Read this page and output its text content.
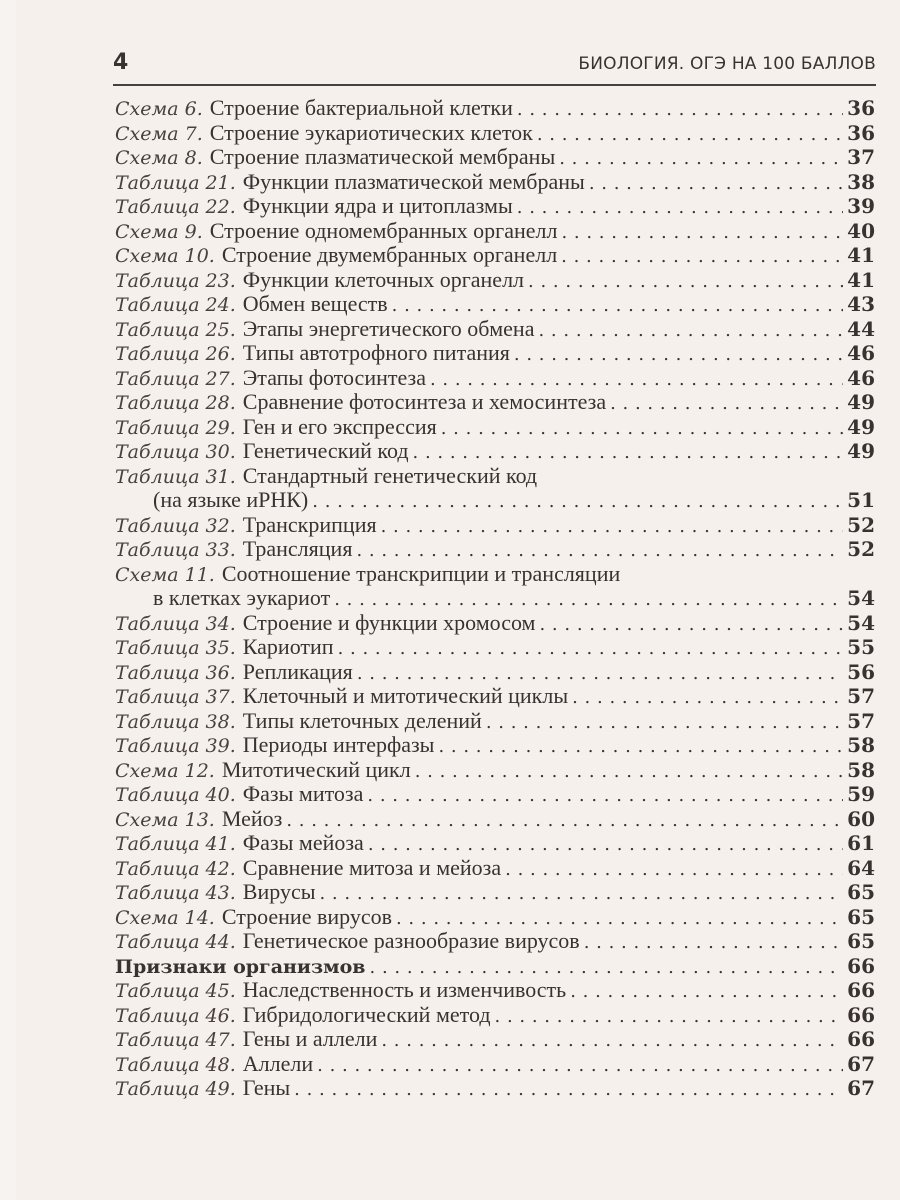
4	БИОЛОГИЯ. ОГЭ НА 100 БАЛЛОВ
Схема 6. Строение бактериальной клетки . . .	36
Схема 7. Строение эукариотических клеток . . .	36
Схема 8. Строение плазматической мембраны . . .	37
Таблица 21. Функции плазматической мембраны . . .	38
Таблица 22. Функции ядра и цитоплазмы . . .	39
Схема 9. Строение одномембранных органелл . . .	40
Схема 10. Строение двумембранных органелл . . .	41
Таблица 23. Функции клеточных органелл . . .	41
Таблица 24. Обмен веществ . . .	43
Таблица 25. Этапы энергетического обмена . . .	44
Таблица 26. Типы автотрофного питания . . .	46
Таблица 27. Этапы фотосинтеза . . .	46
Таблица 28. Сравнение фотосинтеза и хемосинтеза . . .	49
Таблица 29. Ген и его экспрессия . . .	49
Таблица 30. Генетический код . . .	49
Таблица 31. Стандартный генетический код
(на языке иРНК) . . .	51
Таблица 32. Транскрипция . . .	52
Таблица 33. Трансляция . . .	52
Схема 11. Соотношение транскрипции и трансляции
в клетках эукариот . . .	54
Таблица 34. Строение и функции хромосом . . .	54
Таблица 35. Кариотип . . .	55
Таблица 36. Репликация . . .	56
Таблица 37. Клеточный и митотический циклы . . .	57
Таблица 38. Типы клеточных делений . . .	57
Таблица 39. Периоды интерфазы . . .	58
Схема 12. Митотический цикл . . .	58
Таблица 40. Фазы митоза . . .	59
Схема 13. Мейоз . . .	60
Таблица 41. Фазы мейоза . . .	61
Таблица 42. Сравнение митоза и мейоза . . .	64
Таблица 43. Вирусы . . .	65
Схема 14. Строение вирусов . . .	65
Таблица 44. Генетическое разнообразие вирусов . . .	65
Признаки организмов . . .	66
Таблица 45. Наследственность и изменчивость . . .	66
Таблица 46. Гибридологический метод . . .	66
Таблица 47. Гены и аллели . . .	66
Таблица 48. Аллели . . .	67
Таблица 49. Гены . . .	67
